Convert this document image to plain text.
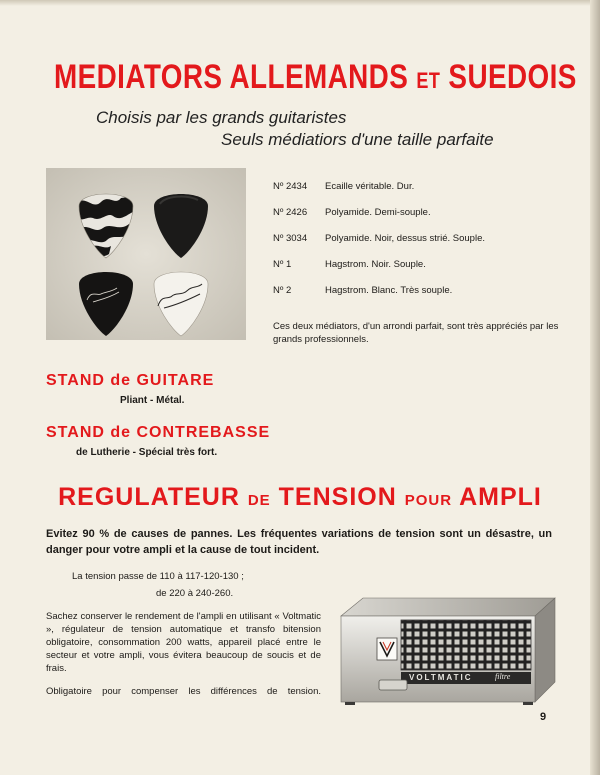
MEDIATORS ALLEMANDS ET SUEDOIS
Choisis par les grands guitaristes
Seuls médiatiors d'une taille parfaite
Nº 2434	Ecaille véritable. Dur.
Nº 2426	Polyamide. Demi-souple.
Nº 3034	Polyamide. Noir, dessus strié. Souple.
Nº 1	Hagstrom. Noir. Souple.
Nº 2	Hagstrom. Blanc. Très souple.
Ces deux médiators, d'un arrondi parfait, sont très appréciés par les grands professionnels.
STAND de GUITARE
Pliant - Métal.
STAND de CONTREBASSE
de Lutherie - Spécial très fort.
REGULATEUR DE TENSION POUR AMPLI
Evitez 90 % de causes de pannes. Les fréquentes variations de tension sont un désastre, un danger pour votre ampli et la cause de tout incident.
La tension passe de 110 à 117-120-130 ;
de 220 à 240-260.
Sachez conserver le rendement de l'ampli en utilisant « Voltmatic », régulateur de tension automatique et transfo bitension obligatoire, consommation 200 watts, appareil placé entre le secteur et votre ampli, vous évitera beaucoup de soucis et de frais.
Obligatoire pour compenser les différences de tension.
VOLTMATIC	filtre
9
